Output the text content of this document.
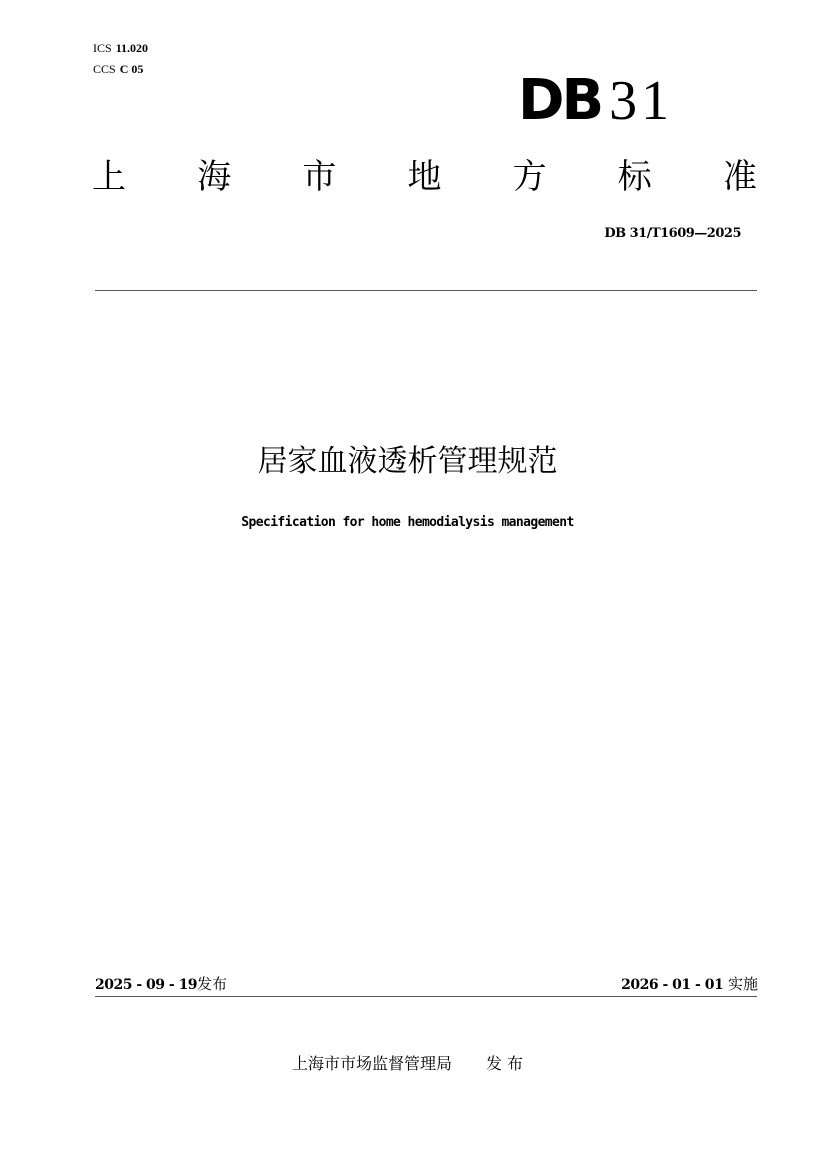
ICS 11.020
CCS C 05	DB 31
上 海 市 地 方 标 准
DB 31/T1609—2025
居家血液透析管理规范
Specification for home hemodialysis management
2025 - 09 - 19发布	2026 - 01 - 01 实施
上海市市场监督管理局 发 布
